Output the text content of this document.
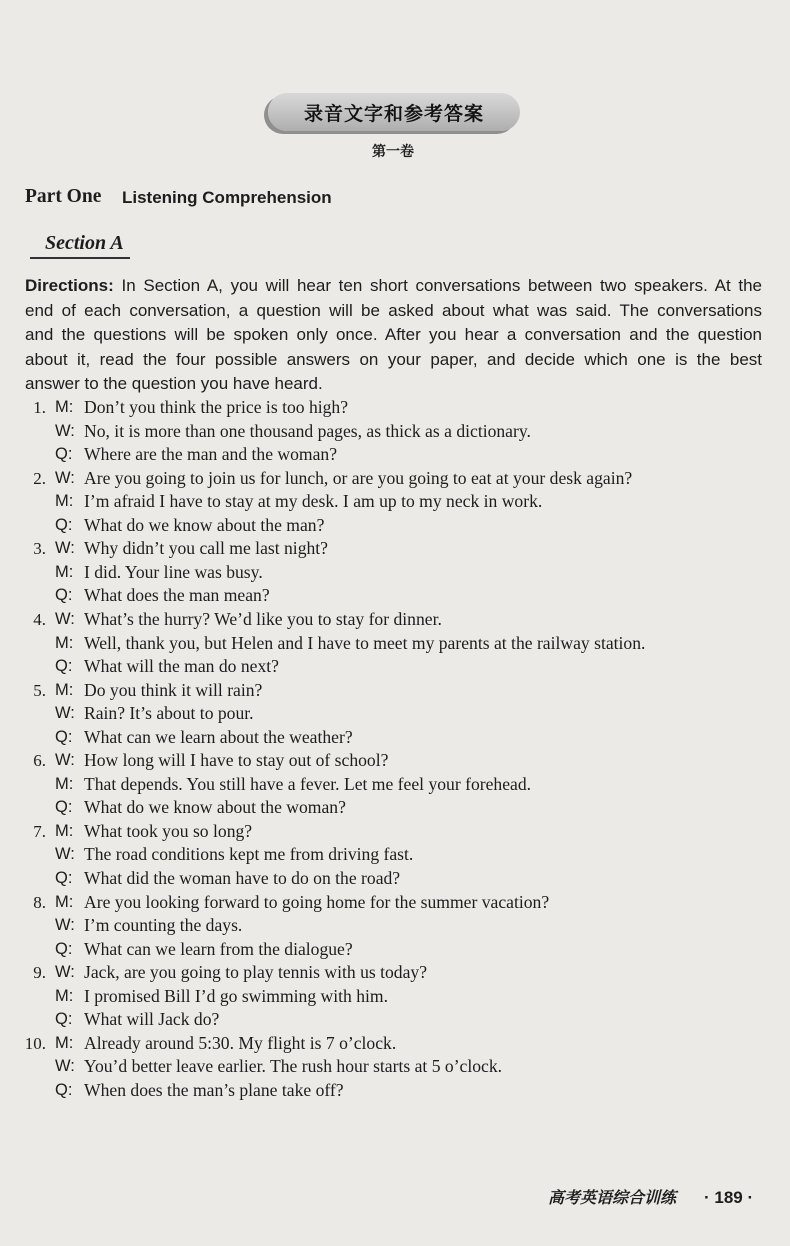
录音文字和参考答案
第一卷
Part One Listening Comprehension
Section A
Directions: In Section A, you will hear ten short conversations between two speakers. At the
end of each conversation, a question will be asked about what was said. The conversations
and the questions will be spoken only once. After you hear a conversation and the question
about it, read the four possible answers on your paper, and decide which one is the best
answer to the question you have heard.
1. M: Don’t you think the price is too high?
W: No, it is more than one thousand pages, as thick as a dictionary.
Q: Where are the man and the woman?
2. W: Are you going to join us for lunch, or are you going to eat at your desk again?
M: I’m afraid I have to stay at my desk. I am up to my neck in work.
Q: What do we know about the man?
3. W: Why didn’t you call me last night?
M: I did. Your line was busy.
Q: What does the man mean?
4. W: What’s the hurry? We’d like you to stay for dinner.
M: Well, thank you, but Helen and I have to meet my parents at the railway station.
Q: What will the man do next?
5. M: Do you think it will rain?
W: Rain? It’s about to pour.
Q: What can we learn about the weather?
6. W: How long will I have to stay out of school?
M: That depends. You still have a fever. Let me feel your forehead.
Q: What do we know about the woman?
7. M: What took you so long?
W: The road conditions kept me from driving fast.
Q: What did the woman have to do on the road?
8. M: Are you looking forward to going home for the summer vacation?
W: I’m counting the days.
Q: What can we learn from the dialogue?
9. W: Jack, are you going to play tennis with us today?
M: I promised Bill I’d go swimming with him.
Q: What will Jack do?
10. M: Already around 5:30. My flight is 7 o’clock.
W: You’d better leave earlier. The rush hour starts at 5 o’clock.
Q: When does the man’s plane take off?
高考英语综合训练 · 189 ·
